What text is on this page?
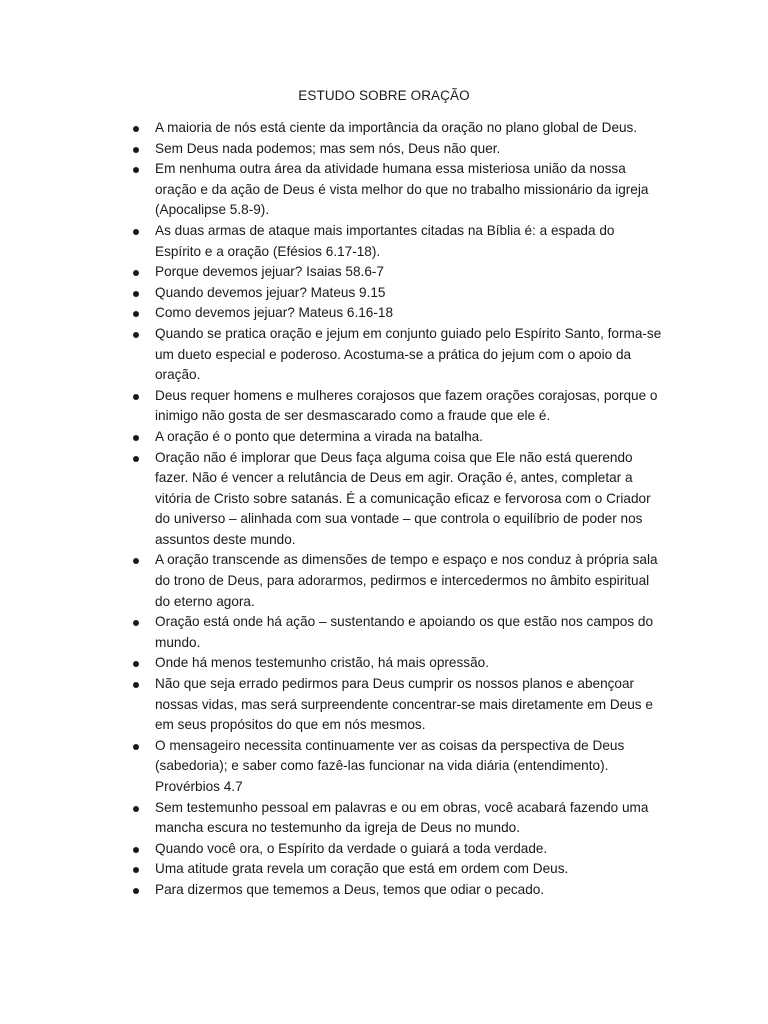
ESTUDO SOBRE ORAÇÃO
A maioria de nós está ciente da importância da oração no plano global de Deus.
Sem Deus nada podemos; mas sem nós, Deus não quer.
Em nenhuma outra área da atividade humana essa misteriosa união da nossa oração e da ação de Deus é vista melhor do que no trabalho missionário da igreja (Apocalipse 5.8-9).
As duas armas de ataque mais importantes citadas na Bíblia é: a espada do Espírito e a oração (Efésios 6.17-18).
Porque devemos jejuar? Isaias 58.6-7
Quando devemos jejuar? Mateus 9.15
Como devemos jejuar? Mateus 6.16-18
Quando se pratica oração e jejum em conjunto guiado pelo Espírito Santo, forma-se um dueto especial e poderoso. Acostuma-se a prática do jejum com o apoio da oração.
Deus requer homens e mulheres corajosos que fazem orações corajosas, porque o inimigo não gosta de ser desmascarado como a fraude que ele é.
A oração é o ponto que determina a virada na batalha.
Oração não é implorar que Deus faça alguma coisa que Ele não está querendo fazer. Não é vencer a relutância de Deus em agir. Oração é, antes, completar a vitória de Cristo sobre satanás. É a comunicação eficaz e fervorosa com o Criador do universo – alinhada com sua vontade – que controla o equilíbrio de poder nos assuntos deste mundo.
A oração transcende as dimensões de tempo e espaço e nos conduz à própria sala do trono de Deus, para adorarmos, pedirmos e intercedermos no âmbito espiritual do eterno agora.
Oração está onde há ação – sustentando e apoiando os que estão nos campos do mundo.
Onde há menos testemunho cristão, há mais opressão.
Não que seja errado pedirmos para Deus cumprir os nossos planos e abençoar nossas vidas, mas será surpreendente concentrar-se mais diretamente em Deus e em seus propósitos do que em nós mesmos.
O mensageiro necessita continuamente ver as coisas da perspectiva de Deus (sabedoria); e saber como fazê-las funcionar na vida diária (entendimento). Provérbios 4.7
Sem testemunho pessoal em palavras e ou em obras, você acabará fazendo uma mancha escura no testemunho da igreja de Deus no mundo.
Quando você ora, o Espírito da verdade o guiará a toda verdade.
Uma atitude grata revela um coração que está em ordem com Deus.
Para dizermos que tememos a Deus, temos que odiar o pecado.
